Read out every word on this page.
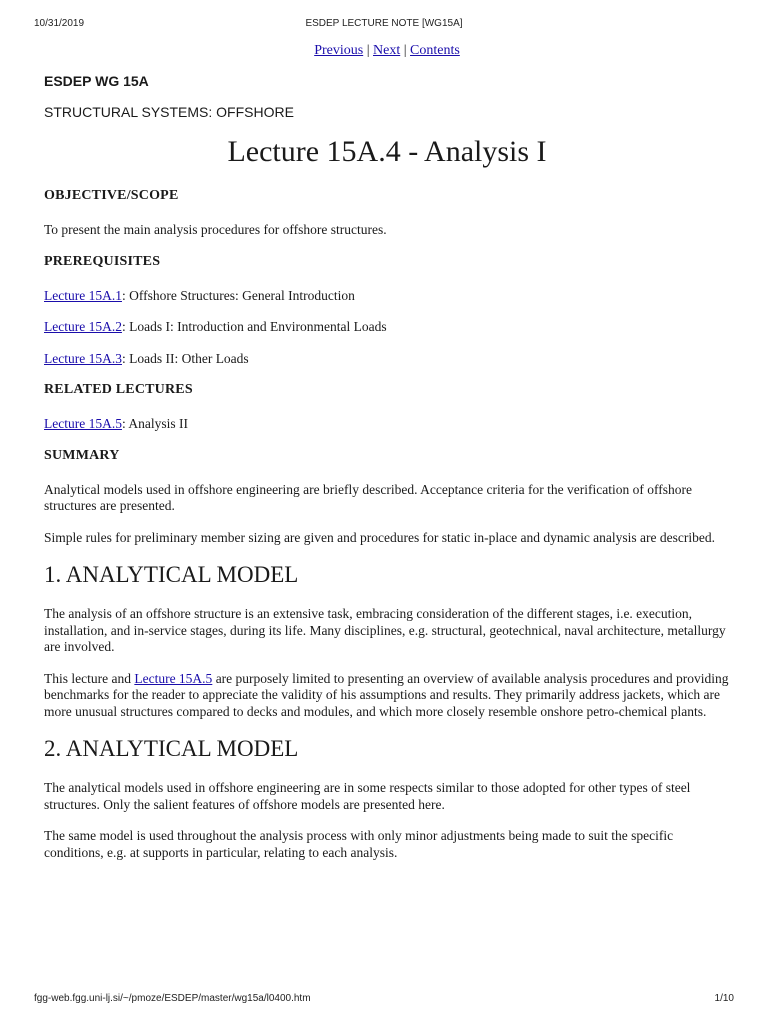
10/31/2019	ESDEP LECTURE NOTE [WG15A]
Previous | Next | Contents
ESDEP WG 15A
STRUCTURAL SYSTEMS: OFFSHORE
Lecture 15A.4 - Analysis I
OBJECTIVE/SCOPE

To present the main analysis procedures for offshore structures.

PREREQUISITES

Lecture 15A.1: Offshore Structures: General Introduction

Lecture 15A.2: Loads I: Introduction and Environmental Loads

Lecture 15A.3: Loads II: Other Loads

RELATED LECTURES

Lecture 15A.5: Analysis II

SUMMARY

Analytical models used in offshore engineering are briefly described. Acceptance criteria for the verification of offshore structures are presented.

Simple rules for preliminary member sizing are given and procedures for static in-place and dynamic analysis are described.

1. ANALYTICAL MODEL

The analysis of an offshore structure is an extensive task, embracing consideration of the different stages, i.e. execution, installation, and in-service stages, during its life. Many disciplines, e.g. structural, geotechnical, naval architecture, metallurgy are involved.

This lecture and Lecture 15A.5 are purposely limited to presenting an overview of available analysis procedures and providing benchmarks for the reader to appreciate the validity of his assumptions and results. They primarily address jackets, which are more unusual structures compared to decks and modules, and which more closely resemble onshore petro-chemical plants.

2. ANALYTICAL MODEL

The analytical models used in offshore engineering are in some respects similar to those adopted for other types of steel structures. Only the salient features of offshore models are presented here.

The same model is used throughout the analysis process with only minor adjustments being made to suit the specific conditions, e.g. at supports in particular, relating to each analysis.

fgg-web.fgg.uni-lj.si/~/pmoze/ESDEP/master/wg15a/l0400.htm	1/10
